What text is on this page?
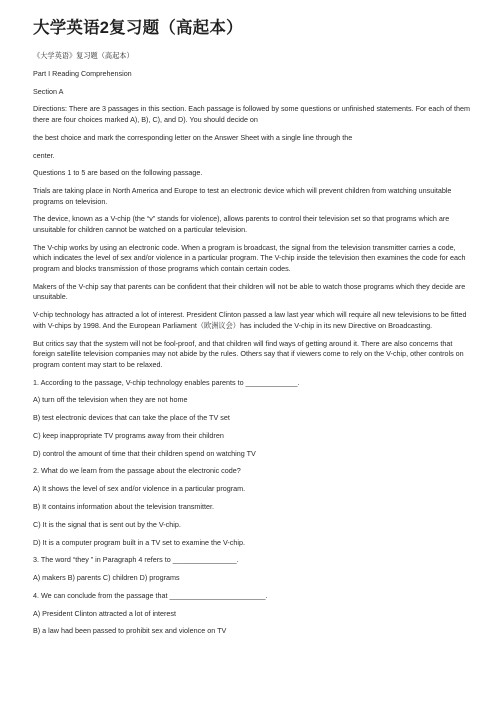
大学英语2复习题（高起本）

《大学英语》复习题（高起本）

Part I Reading Comprehension

Section A

Directions: There are 3 passages in this section. Each passage is followed by some questions or unfinished statements. For each of them there are four choices marked A), B), C), and D). You should decide on

the best choice and mark the corresponding letter on the Answer Sheet with a single line through the

center.

Questions 1 to 5 are based on the following passage.

Trials are taking place in North America and Europe to test an electronic device which will prevent children from watching unsuitable programs on television.

The device, known as a V-chip (the “v” stands for violence), allows parents to control their television set so that programs which are unsuitable for children cannot be watched on a particular television.

The V-chip works by using an electronic code. When a program is broadcast, the signal from the television transmitter carries a code, which indicates the level of sex and/or violence in a particular program. The V-chip inside the television then examines the code for each program and blocks transmission of those programs which contain certain codes.

Makers of the V-chip say that parents can be confident that their children will not be able to watch those programs which they decide are unsuitable.

V-chip technology has attracted a lot of interest. President Clinton passed a law last year which will require all new televisions to be fitted with V-chips by 1998. And the European Parliament（欧洲议会）has included the V-chip in its new Directive on Broadcasting.

But critics say that the system will not be fool-proof, and that children will find ways of getting around it. There are also concerns that foreign satellite television companies may not abide by the rules. Others say that if viewers come to rely on the V-chip, other controls on program content may start to be relaxed.

1. According to the passage, V-chip technology enables parents to _____________.

A) turn off the television when they are not home

B) test electronic devices that can take the place of the TV set

C) keep inappropriate TV programs away from their children

D) control the amount of time that their children spend on watching TV

2. What do we learn from the passage about the electronic code?

A) It shows the level of sex and/or violence in a particular program.

B) It contains information about the television transmitter.

C) It is the signal that is sent out by the V-chip.

D) It is a computer program built in a TV set to examine the V-chip.

3. The word “they ” in Paragraph 4 refers to ________________.

A) makers B) parents C) children D) programs

4. We can conclude from the passage that ________________________.

A) President Clinton attracted a lot of interest

B) a law had been passed to prohibit sex and violence on TV
